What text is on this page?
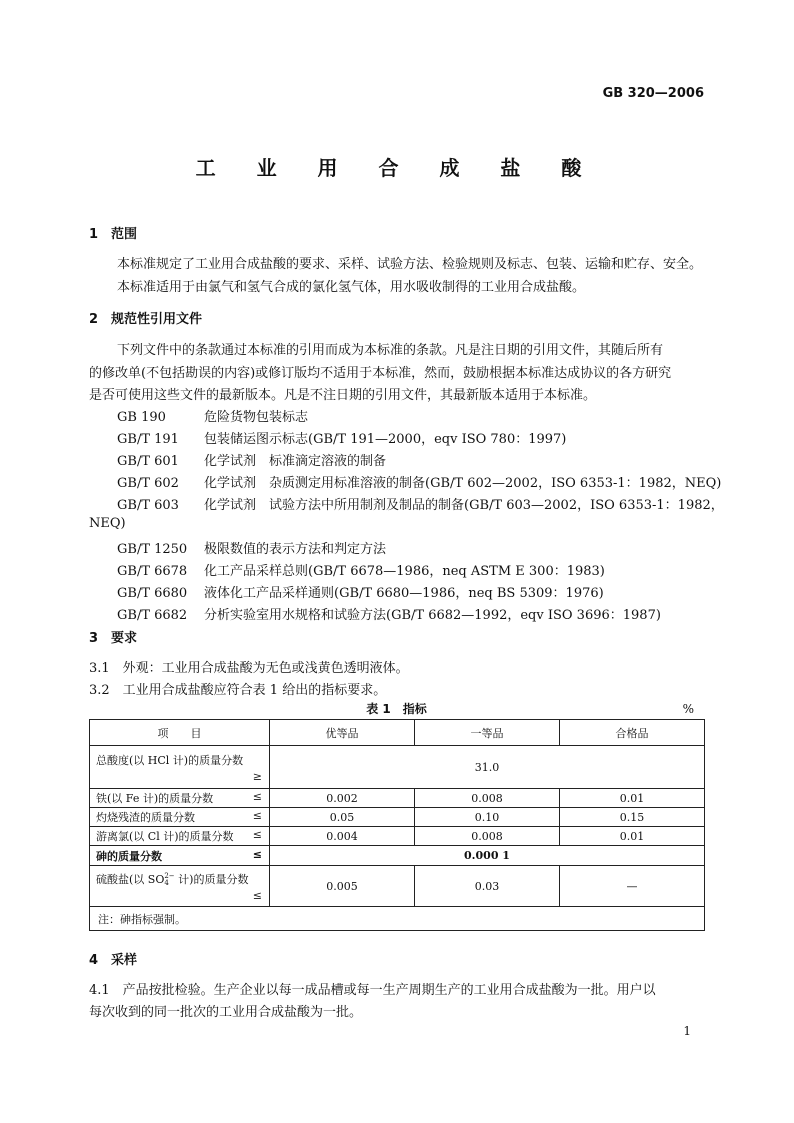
GB 320—2006
工 业 用 合 成 盐 酸
1　范围
本标准规定了工业用合成盐酸的要求、采样、试验方法、检验规则及标志、包装、运输和贮存、安全。
本标准适用于由氯气和氢气合成的氯化氢气体，用水吸收制得的工业用合成盐酸。
2　规范性引用文件
下列文件中的条款通过本标准的引用而成为本标准的条款。凡是注日期的引用文件，其随后所有
的修改单(不包括勘误的内容)或修订版均不适用于本标准，然而，鼓励根据本标准达成协议的各方研究
是否可使用这些文件的最新版本。凡是不注日期的引用文件，其最新版本适用于本标准。
GB 190	危险货物包装标志
GB/T 191 包装储运图示标志(GB/T 191—2000，eqv ISO 780：1997)
GB/T 601 化学试剂　标准滴定溶液的制备
GB/T 602 化学试剂　杂质测定用标准溶液的制备(GB/T 602—2002，ISO 6353-1：1982，NEQ)
GB/T 603 化学试剂　试验方法中所用制剂及制品的制备(GB/T 603—2002，ISO 6353-1：1982，
NEQ)
GB/T 1250 极限数值的表示方法和判定方法
GB/T 6678 化工产品采样总则(GB/T 6678—1986，neq ASTM E 300：1983)
GB/T 6680 液体化工产品采样通则(GB/T 6680—1986，neq BS 5309：1976)
GB/T 6682 分析实验室用水规格和试验方法(GB/T 6682—1992，eqv ISO 3696：1987)
3　要求
3.1　外观：工业用合成盐酸为无色或浅黄色透明液体。
3.2　工业用合成盐酸应符合表 1 给出的指标要求。
表 1　指标	%
项　　目	优等品	一等品	合格品

总酸度(以 HCl 计)的质量分数
≥	31.0		
铁(以 Fe 计)的质量分数 ≤	0.002	0.008	0.01
灼烧残渣的质量分数 ≤	0.05	0.10	0.15
游离氯(以 Cl 计)的质量分数 ≤	0.004	0.008	0.01
砷的质量分数 ≤	0.000 1		

硫酸盐(以 SO 2−
4 计)的质量分数
≤	0.005	0.03	—
注：砷指标强制。			
4　采样
4.1　产品按批检验。生产企业以每一成品槽或每一生产周期生产的工业用合成盐酸为一批。用户以
每次收到的同一批次的工业用合成盐酸为一批。
1
